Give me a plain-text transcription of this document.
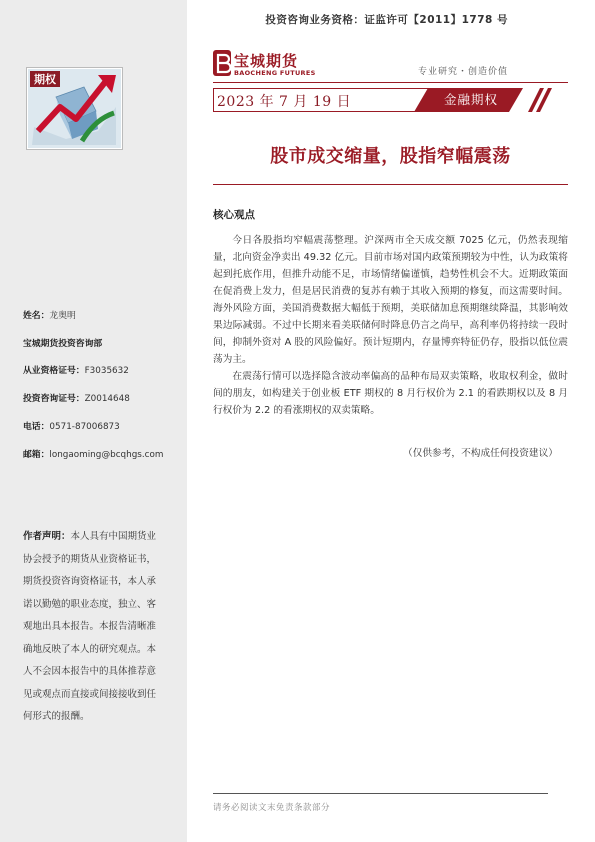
投资咨询业务资格：证监许可【2011】1778 号
期权
宝城期货
BAOCHENG FUTURES	专业研究・创造价值
2023 年 7 月 19 日	金融期权
股市成交缩量，股指窄幅震荡
核心观点

今日各股指均窄幅震荡整理。沪深两市全天成交额 7025 亿元，仍然表现缩量，北向资金净卖出 49.32 亿元。目前市场对国内政策预期较为中性，认为政策将起到托底作用，但推升动能不足，市场情绪偏谨慎，趋势性机会不大。近期政策面在促消费上发力，但是居民消费的复苏有赖于其收入预期的修复，而这需要时间。海外风险方面，美国消费数据大幅低于预期，美联储加息预期继续降温，其影响效果边际减弱。不过中长期来看美联储何时降息仍言之尚早，高利率仍将持续一段时间，抑制外资对 A 股的风险偏好。预计短期内，存量博弈特征仍存，股指以低位震荡为主。

在震荡行情可以选择隐含波动率偏高的品种布局双卖策略，收取权利金，做时间的朋友，如构建关于创业板 ETF 期权的 8 月行权价为 2.1 的看跌期权以及 8 月行权价为 2.2 的看涨期权的双卖策略。

（仅供参考，不构成任何投资建议）
姓名：龙奥明
宝城期货投资咨询部
从业资格证号：F3035632
投资咨询证号：Z0014648
电话：0571-87006873
邮箱：longaoming@bcqhgs.com
作者声明：本人具有中国期货业协会授予的期货从业资格证书，期货投资咨询资格证书，本人承诺以勤勉的职业态度，独立、客观地出具本报告。本报告清晰准确地反映了本人的研究观点。本人不会因本报告中的具体推荐意见或观点而直接或间接接收到任何形式的报酬。
请务必阅读文末免责条款部分
